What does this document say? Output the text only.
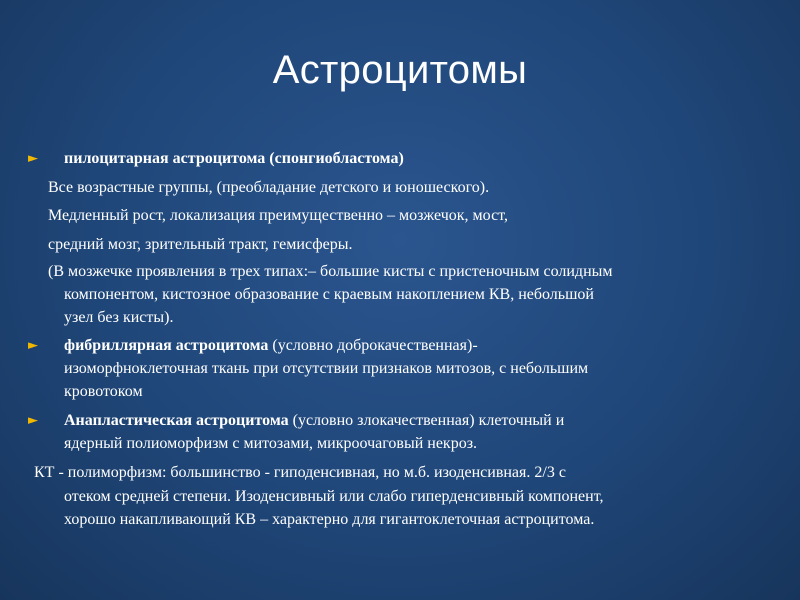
Астроцитомы
► пилоцитарная астроцитома (спонгиобластома)
Все возрастные группы, (преобладание детского и юношеского).
Медленный рост, локализация преимущественно – мозжечок, мост,
средний мозг, зрительный тракт, гемисферы.
(В мозжечке проявления в трех типах:– большие кисты с пристеночным солидным
компонентом, кистозное образование с краевым накоплением КВ, небольшой
узел без кисты).
► фибриллярная астроцитома (условно доброкачественная)-
изоморфноклеточная ткань при отсутствии признаков митозов, с небольшим
кровотоком
► Анапластическая астроцитома (условно злокачественная) клеточный и
ядерный полиоморфизм с митозами, микроочаговый некроз.
КТ - полиморфизм: большинство - гиподенсивная, но м.б. изоденсивная. 2/3 с
отеком средней степени. Изоденсивный или слабо гиперденсивный компонент,
хорошо накапливающий КВ – характерно для гигантоклеточная астроцитома.
